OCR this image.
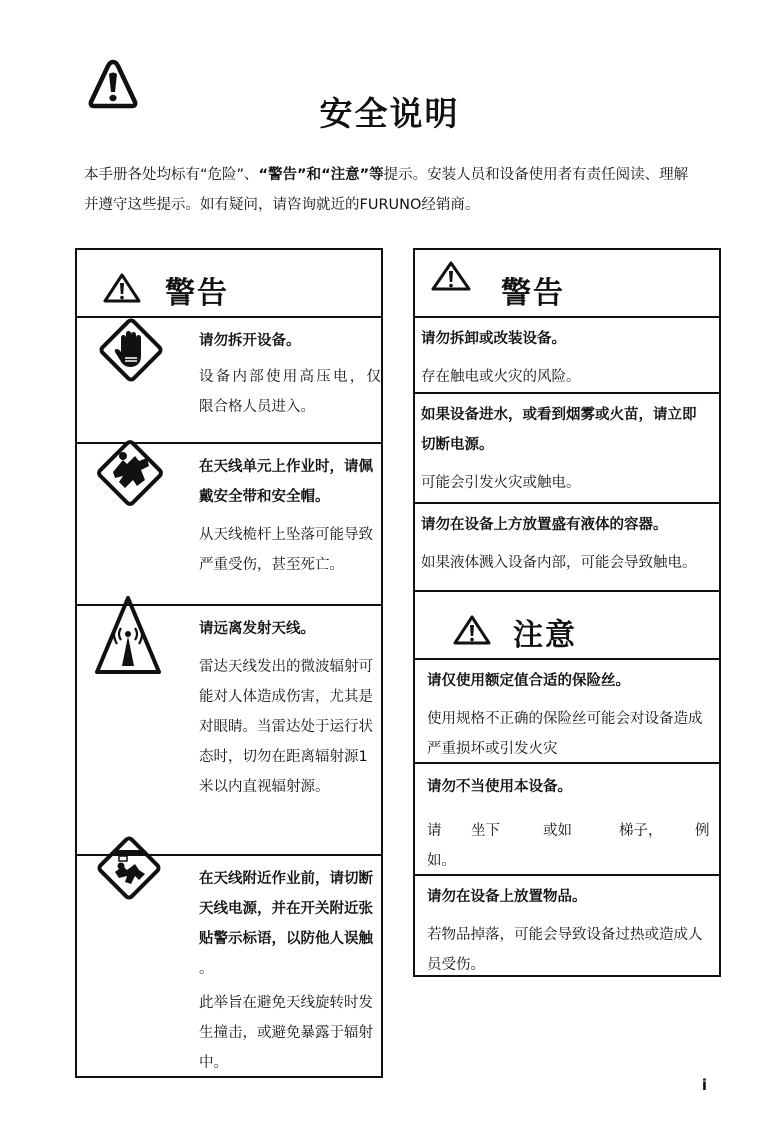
安全说明
本手册各处均标有“危险”、“警告”和“注意”等提示。安装人员和设备使用者有责任阅读、理解
并遵守这些提示。如有疑问，请咨询就近的FURUNO经销商。
警告
请勿拆开设备。
设备内部使用高压电，仅
限合格人员进入。
在天线单元上作业时，请佩
戴安全带和安全帽。
从天线桅杆上坠落可能导致
严重受伤，甚至死亡。
请远离发射天线。
雷达天线发出的微波辐射可
能对人体造成伤害，尤其是
对眼睛。当雷达处于运行状
态时，切勿在距离辐射源1
米以内直视辐射源。
在天线附近作业前，请切断
天线电源，并在开关附近张
贴警示标语，以防他人误触
。
此举旨在避免天线旋转时发
生撞击，或避免暴露于辐射
中。
警告
请勿拆卸或改装设备。
存在触电或火灾的风险。
如果设备进水，或看到烟雾或火苗，请立即
切断电源。
可能会引发火灾或触电。
请勿在设备上方放置盛有液体的容器。
如果液体溅入设备内部，可能会导致触电。
注意
请仅使用额定值合适的保险丝。
使用规格不正确的保险丝可能会对设备造成
严重损坏或引发火灾
请勿不当使用本设备。
请 坐下	或如	梯子， 例
如。
请勿在设备上放置物品。
若物品掉落，可能会导致设备过热或造成人
员受伤。
i
